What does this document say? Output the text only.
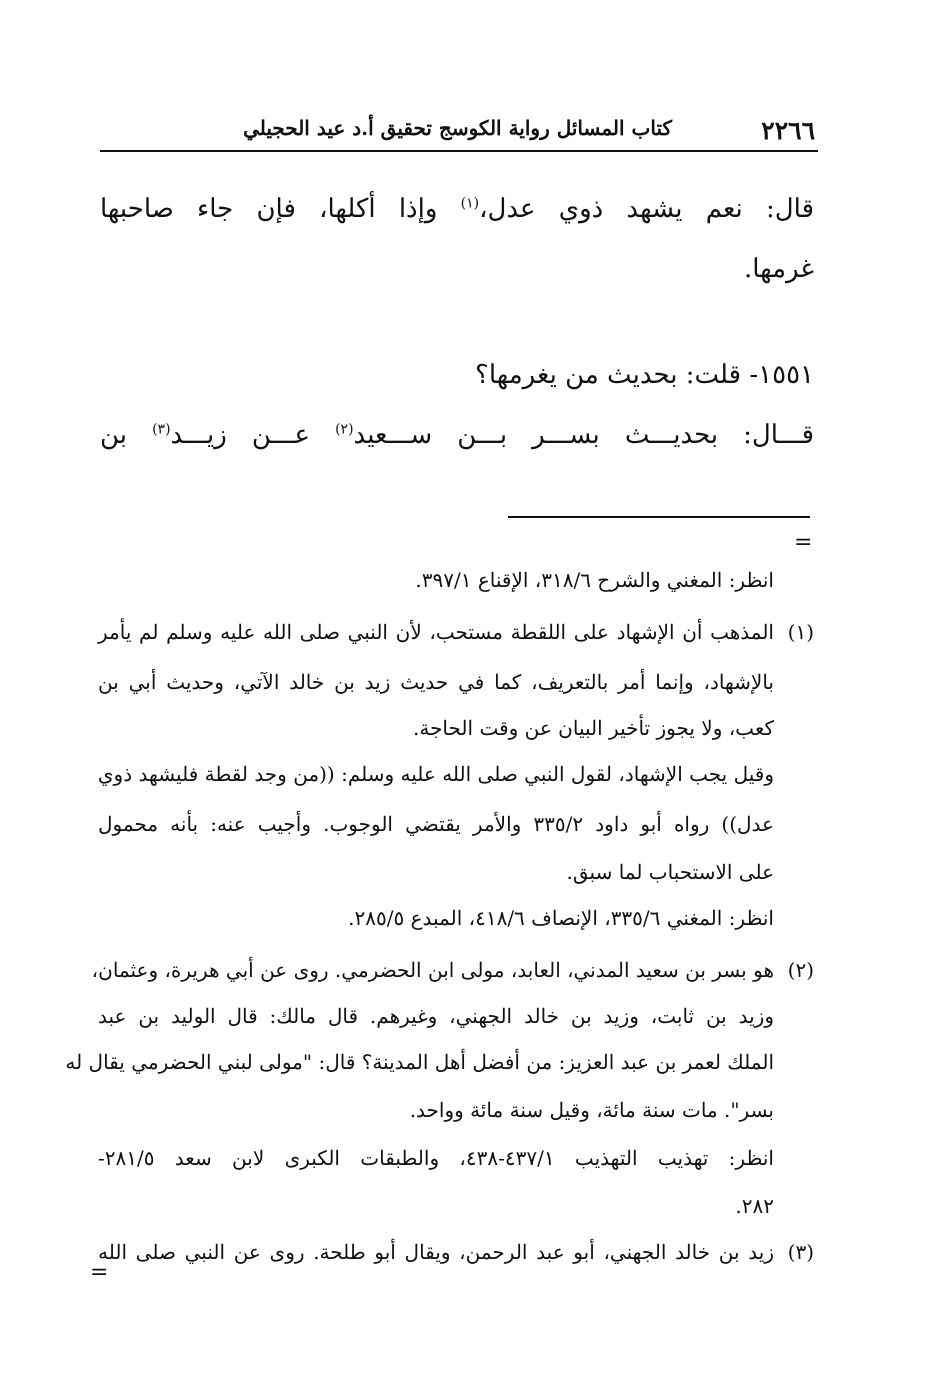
٢٢٦٦
كتاب المسائل رواية الكوسج تحقيق أ.د عيد الحجيلي
قال: نعم يشهد ذوي عدل،$^{(١)}$ وإذا أكلها، فإن جاء صاحبها
غرمها.
١٥٥١- قلت: بحديث من يغرمها؟
قـــال: بحديـــث بســـر بـــن ســـعيد$^{(٢)}$ عـــن زيـــد$^{(٣)}$ بن
=
انظر: المغني والشرح ٣١٨/٦، الإقناع ٣٩٧/١.
(١)
المذهب أن الإشهاد على اللقطة مستحب، لأن النبي صلى الله عليه وسلم لم يأمر
بالإشهاد، وإنما أمر بالتعريف، كما في حديث زيد بن خالد الآتي، وحديث أبي بن
كعب، ولا يجوز تأخير البيان عن وقت الحاجة.
وقيل يجب الإشهاد، لقول النبي صلى الله عليه وسلم: ((من وجد لقطة فليشهد ذوي
عدل)) رواه أبو داود ٣٣٥/٢ والأمر يقتضي الوجوب. وأجيب عنه: بأنه محمول
على الاستحباب لما سبق.
انظر: المغني ٣٣٥/٦، الإنصاف ٤١٨/٦، المبدع ٢٨٥/٥.
(٢)
هو بسر بن سعيد المدني، العابد، مولى ابن الحضرمي. روى عن أبي هريرة، وعثمان،
وزيد بن ثابت، وزيد بن خالد الجهني، وغيرهم. قال مالك: قال الوليد بن عبد
الملك لعمر بن عبد العزيز: من أفضل أهل المدينة؟ قال: "مولى لبني الحضرمي يقال له
بسر". مات سنة مائة، وقيل سنة مائة وواحد.
انظر: تهذيب التهذيب ٤٣٧/١-٤٣٨، والطبقات الكبرى لابن سعد ٢٨١/٥-
٢٨٢.
(٣)
زيد بن خالد الجهني، أبو عبد الرحمن، ويقال أبو طلحة. روى عن النبي صلى الله
=
